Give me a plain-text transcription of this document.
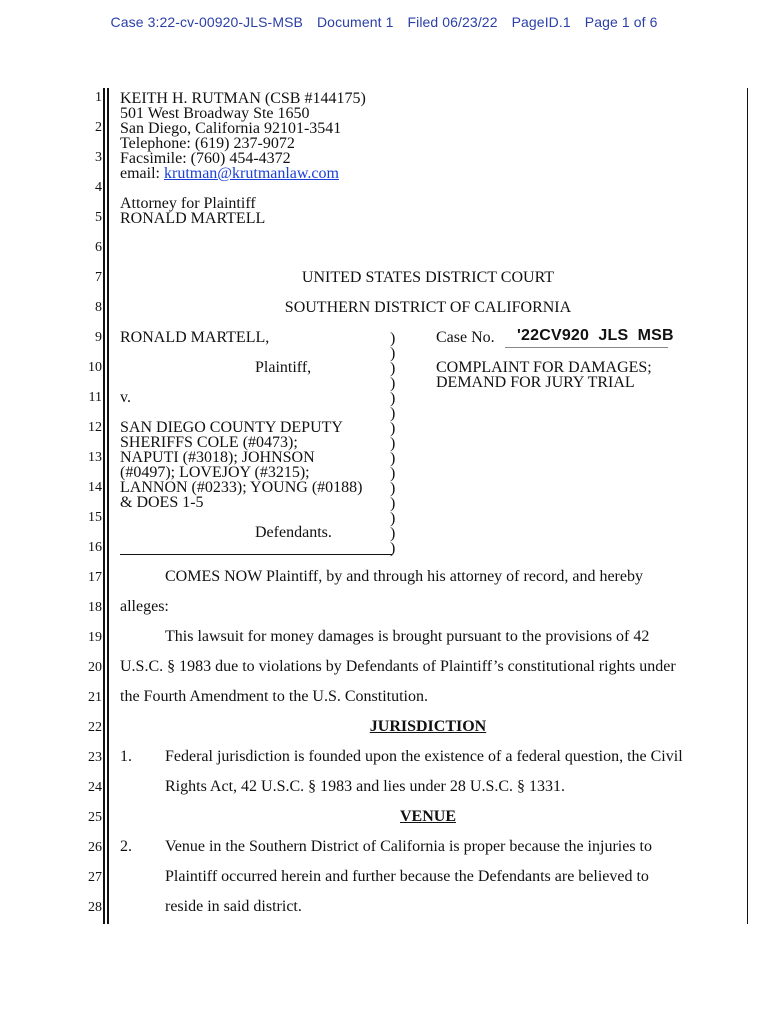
Case 3:22-cv-00920-JLS-MSB Document 1 Filed 06/23/22 PageID.1 Page 1 of 6
1
2
3
4
5
6
7
8
9
10
11
12
13
14
15
16
17
18
19
20
21
22
23
24
25
26
27
28
KEITH H. RUTMAN (CSB #144175)
501 West Broadway Ste 1650
San Diego, California 92101-3541
Telephone: (619) 237-9072
Facsimile: (760) 454-4372
email: krutman@krutmanlaw.com
Attorney for Plaintiff
RONALD MARTELL
UNITED STATES DISTRICT COURT
SOUTHERN DISTRICT OF CALIFORNIA
RONALD MARTELL,
Plaintiff,
v.
SAN DIEGO COUNTY DEPUTY
SHERIFFS COLE (#0473);
NAPUTI (#3018); JOHNSON
(#0497); LOVEJOY (#3215);
LANNON (#0233); YOUNG (#0188)
& DOES 1-5
Defendants.
)
)
)
)
)
)
)
)
)
)
)
)
)
)
)
Case No. '22CV920  JLS  MSB
COMPLAINT FOR DAMAGES;
DEMAND FOR JURY TRIAL
COMES NOW Plaintiff, by and through his attorney of record, and hereby
alleges:
This lawsuit for money damages is brought pursuant to the provisions of 42
U.S.C. § 1983 due to violations by Defendants of Plaintiff’s constitutional rights under
the Fourth Amendment to the U.S. Constitution.
JURISDICTION
1. Federal jurisdiction is founded upon the existence of a federal question, the Civil
Rights Act, 42 U.S.C. § 1983 and lies under 28 U.S.C. § 1331.
VENUE
2. Venue in the Southern District of California is proper because the injuries to
Plaintiff occurred herein and further because the Defendants are believed to
reside in said district.
